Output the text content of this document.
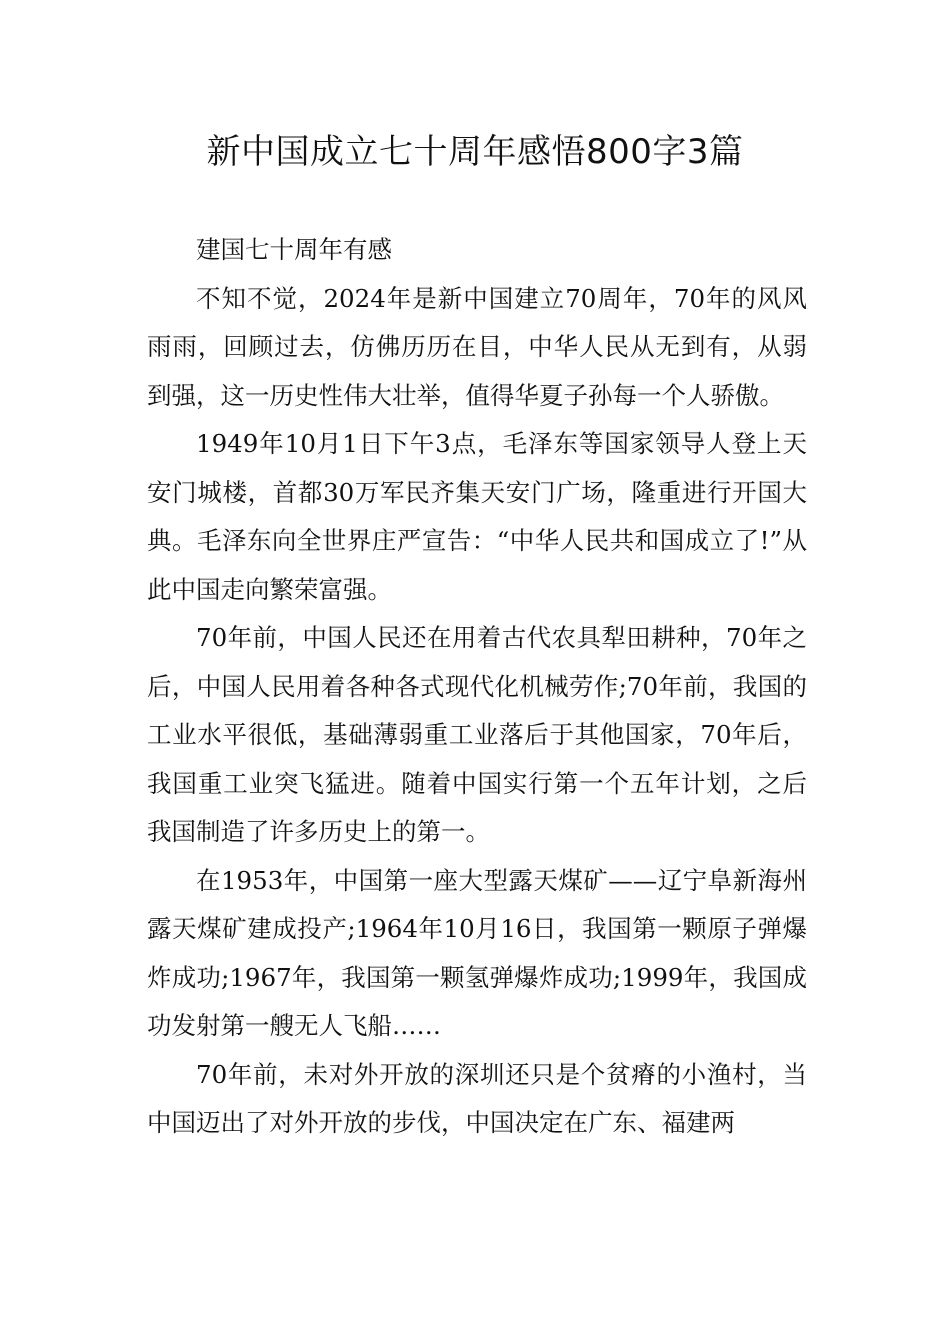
新中国成立七十周年感悟800字3篇

建国七十周年有感

不知不觉，2024年是新中国建立70周年，70年的风风雨雨，回顾过去，仿佛历历在目，中华人民从无到有，从弱到强，这一历史性伟大壮举，值得华夏子孙每一个人骄傲。

1949年10月1日下午3点，毛泽东等国家领导人登上天安门城楼，首都30万军民齐集天安门广场，隆重进行开国大典。毛泽东向全世界庄严宣告：“中华人民共和国成立了!”从此中国走向繁荣富强。

70年前，中国人民还在用着古代农具犁田耕种，70年之后，中国人民用着各种各式现代化机械劳作;70年前，我国的工业水平很低，基础薄弱重工业落后于其他国家，70年后，我国重工业突飞猛进。随着中国实行第一个五年计划，之后我国制造了许多历史上的第一。

在1953年，中国第一座大型露天煤矿——辽宁阜新海州露天煤矿建成投产;1964年10月16日，我国第一颗原子弹爆炸成功;1967年，我国第一颗氢弹爆炸成功;1999年，我国成功发射第一艘无人飞船……

70年前，未对外开放的深圳还只是个贫瘠的小渔村，当中国迈出了对外开放的步伐，中国决定在广东、福建两
